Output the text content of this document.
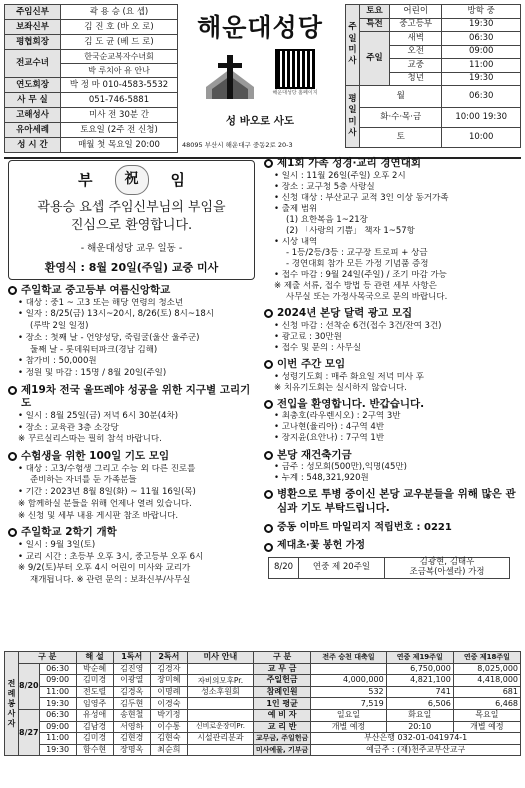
주임신부	곽 용 승 (요 셉)
보좌신부	김 진 호 (바 오 로)
평협회장	김 도 균 (베 드 로)
전교수녀	한국순교복자수녀회
	박 루치아 유 안나
연도회장	박 정 마 010-4583-5532
사 무 실	051-746-5881
고해성사	미사 전 30분 간
유아세례	토요일 (2주 전 신청)
성 시 간	매월 첫 목요일 20:00
해운대성당
해운대성당 홈페이지
성 바오로 사도
48095 부산시 해운대구 중동2로 20-3
주일미사	토요	어린이	방학 중
	특전	중고등부	19:30
	주일	새벽	06:30
		오전	09:00
		교중	11:00
		청년	19:30
평일미사	월		06:30
	화·수·목·금		10:00 19:30
	토		10:00
부	祝	임
곽용승 요셉 주임신부님의 부임을
진심으로 환영합니다.
- 해운대성당 교우 일동 -
환영식 : 8월 20일(주일) 교중 미사
주일학교 중고등부 여름신앙학교
• 대상 : 중1 ~ 고3 또는 해당 연령의 청소년
• 일자 : 8/25(금) 13시~20시, 8/26(토) 8시~18시
(루박 2일 일정)
• 장소 : 첫째 날 - 언양성당, 죽림굴(울산 울주군)
둘째 날 - 롯데워터파크(경남 김해)
• 참가비 : 50,000원
• 정원 및 마감 : 15명 / 8월 20일(주일)
제19차 전국 울뜨레야 성공을 위한 지구별 고리기도
• 일시 : 8월 25일(금) 저녁 6시 30분(4차)
• 장소 : 교육관 3층 소강당
※ 꾸르실리스따는 필히 참석 바랍니다.
수험생을 위한 100일 기도 모임
• 대상 : 고3/수험생 그리고 수능 외 다른 진로를
준비하는 자녀를 둔 가족분들
• 기간 : 2023년 8월 8일(화) ~ 11월 16일(목)
※ 함께하실 분들을 위해 언제나 열려 있습니다.
※ 신청 및 세부 내용 게시판 참조 바랍니다.
주일학교 2학기 개학
• 일시 : 9월 3일(토)
• 교리 시간 : 초등부 오후 3시, 중고등부 오후 6시
※ 9/2(토)부터 오후 4시 어린이 미사와 교리가
재개됩니다. ※ 관련 문의 : 보좌신부/사무실
제1회 가족 성경·교리 경연대회
• 일시 : 11월 26일(주일) 오후 2시
• 장소 : 교구청 5층 사랑실
• 신청 대상 : 부산교구 교적 3인 이상 동거가족
• 출제 범위
(1) 요한복음 1~21장
(2) 「사랑의 기쁨」 책자 1~57항
• 시상 내역
- 1등/2등/3등 : 교구장 트로피 + 상금
- 경연대회 참가 모든 가정 기념품 증정
• 접수 마감 : 9월 24일(주일) / 조기 마감 가능
※ 제출 서류, 접수 방법 등 관련 세부 사항은
사무실 또는 가정사목국으로 문의 바랍니다.
2024년 본당 달력 광고 모집
• 신청 마감 : 선착순 6건(접수 3건/잔여 3건)
• 광고료 : 30만원
• 접수 및 문의 : 사무실
이번 주간 모임
• 성령기도회 : 매주 화요일 저녁 미사 후
※ 치유기도회는 실시하지 않습니다.
전입을 환영합니다. 반갑습니다.
• 최충호(라우렌시오) : 2구역 3반
• 고나현(율리아) : 4구역 4반
• 장지윤(요안나) : 7구역 1반
본당 재건축기금
• 금주 : 성모회(500만),익명(45만)
• 누계 : 548,321,920원
병환으로 투병 중이신 본당 교우분들을 위해 많은 관심과 기도 부탁드립니다.
중동 이마트 마일리지 적립번호 : 0221
제대초·꽃 봉헌 가정
8/20	연중 제 20주일
김광현, 김태우
조금복(아셀라) 가정
전례봉사자	구 분		해 설	1독서	2독서	미사 안내	구 분	전주 승천 대축일	연중 제19주일	연중 제18주일
	8/20	06:30	박순혜	김진영	김경자		교 무 금		6,750,000	8,025,000
		09:00	김미경	이광열	장미혜	자비의모후Pr.	주일헌금	4,000,000	4,821,100	4,418,000
		11:00	전도렬	김경옥	이명례	성소후원회	참례인원	532	741	681
		19:30	임영주	김두현	이경숙		1인 평균	7,519	6,506	6,468
	8/27	06:30	유성애	송현철	박기정		예 비 자	일요일	화요일	목요일
		09:00	김남경	서영하	이수통	신비로운장미Pr.	교 리 반	개별 예정	20:10	개별 예정
		11:00	김미경	김현경	김현숙	시설관리분과	교무금, 주일헌금	부산은행 032-01-041974-1		
		19:30	함수현	장명옥	최순희		미사예물, 기부금	예금주 : (재)천주교부산교구		
